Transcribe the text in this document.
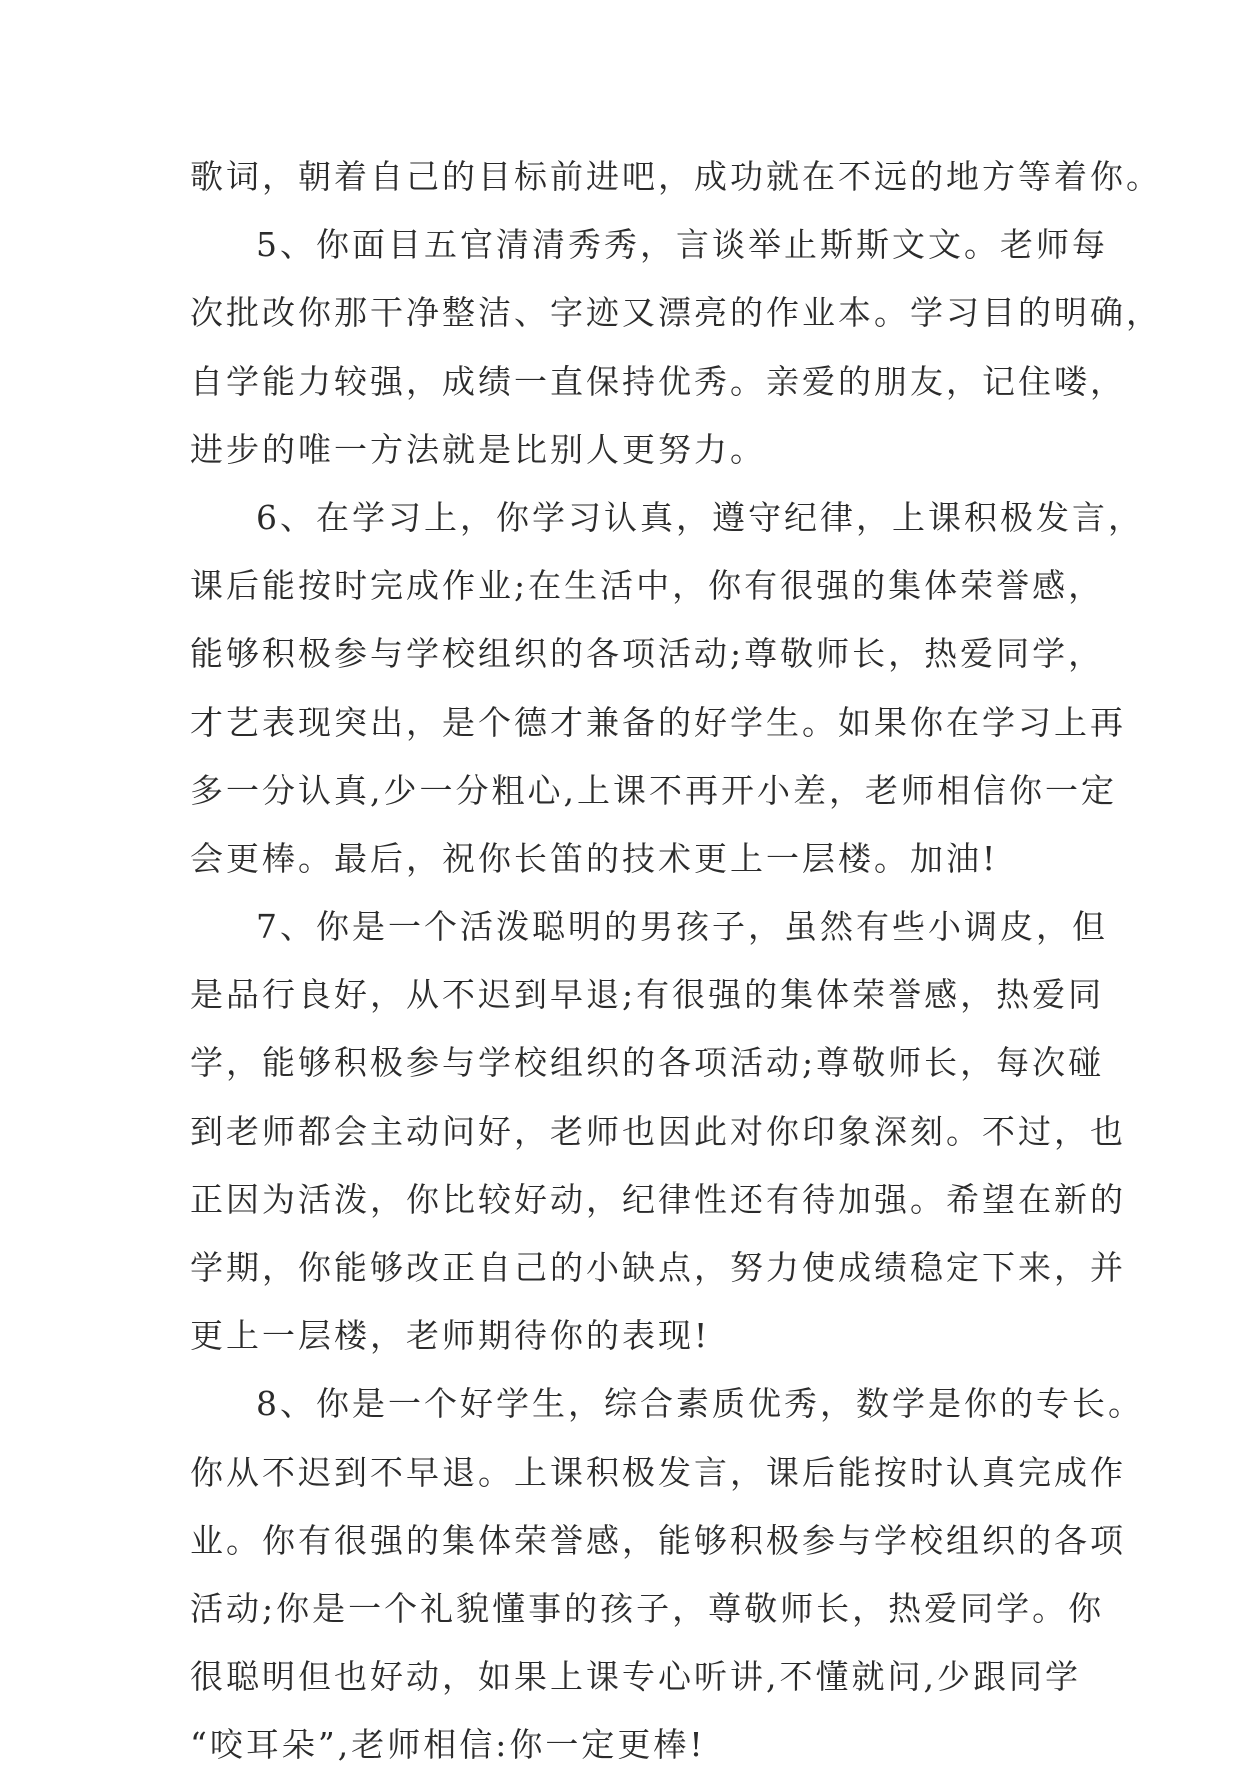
歌词，朝着自己的目标前进吧，成功就在不远的地方等着你。
5、你面目五官清清秀秀，言谈举止斯斯文文。老师每
次批改你那干净整洁、字迹又漂亮的作业本。学习目的明确，
自学能力较强，成绩一直保持优秀。亲爱的朋友，记住喽，
进步的唯一方法就是比别人更努力。
6、在学习上，你学习认真，遵守纪律，上课积极发言，
课后能按时完成作业;在生活中，你有很强的集体荣誉感，
能够积极参与学校组织的各项活动;尊敬师长，热爱同学，
才艺表现突出，是个德才兼备的好学生。如果你在学习上再
多一分认真,少一分粗心,上课不再开小差，老师相信你一定
会更棒。最后，祝你长笛的技术更上一层楼。加油!
7、你是一个活泼聪明的男孩子，虽然有些小调皮，但
是品行良好，从不迟到早退;有很强的集体荣誉感，热爱同
学，能够积极参与学校组织的各项活动;尊敬师长，每次碰
到老师都会主动问好，老师也因此对你印象深刻。不过，也
正因为活泼，你比较好动，纪律性还有待加强。希望在新的
学期，你能够改正自己的小缺点，努力使成绩稳定下来，并
更上一层楼，老师期待你的表现!
8、你是一个好学生，综合素质优秀，数学是你的专长。
你从不迟到不早退。上课积极发言，课后能按时认真完成作
业。你有很强的集体荣誉感，能够积极参与学校组织的各项
活动;你是一个礼貌懂事的孩子，尊敬师长，热爱同学。你
很聪明但也好动，如果上课专心听讲,不懂就问,少跟同学
“咬耳朵”,老师相信:你一定更棒!
